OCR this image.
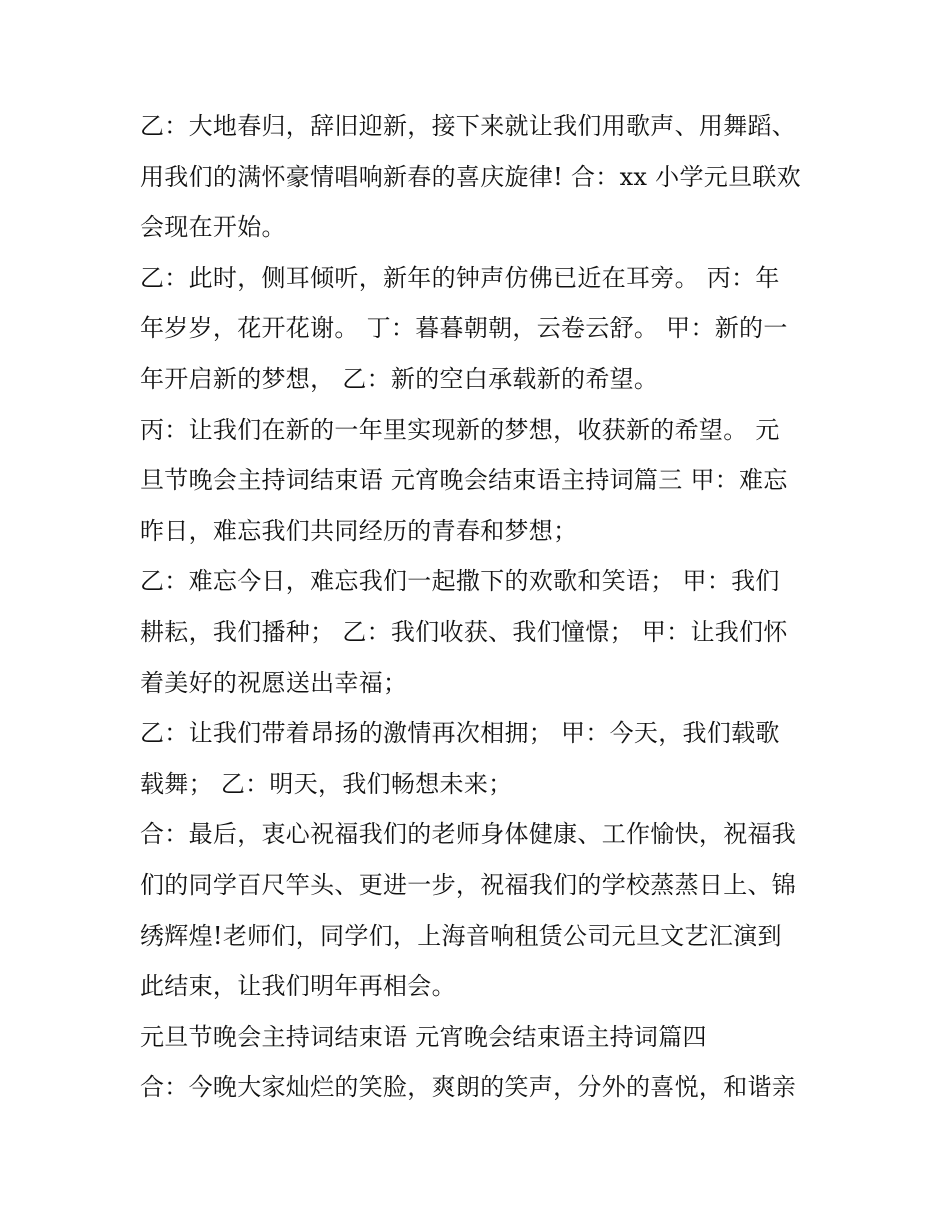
乙：大地春归，辞旧迎新，接下来就让我们用歌声、用舞蹈、
用我们的满怀豪情唱响新春的喜庆旋律! 合：xx 小学元旦联欢
会现在开始。
乙：此时，侧耳倾听，新年的钟声仿佛已近在耳旁。 丙：年
年岁岁，花开花谢。 丁：暮暮朝朝，云卷云舒。 甲：新的一
年开启新的梦想， 乙：新的空白承载新的希望。
丙：让我们在新的一年里实现新的梦想，收获新的希望。 元
旦节晚会主持词结束语 元宵晚会结束语主持词篇三 甲：难忘
昨日，难忘我们共同经历的青春和梦想；
乙：难忘今日，难忘我们一起撒下的欢歌和笑语； 甲：我们
耕耘，我们播种； 乙：我们收获、我们憧憬； 甲：让我们怀
着美好的祝愿送出幸福；
乙：让我们带着昂扬的激情再次相拥； 甲：今天，我们载歌
载舞； 乙：明天，我们畅想未来；
合：最后，衷心祝福我们的老师身体健康、工作愉快，祝福我
们的同学百尺竿头、更进一步，祝福我们的学校蒸蒸日上、锦
绣辉煌!老师们，同学们，上海音响租赁公司元旦文艺汇演到
此结束，让我们明年再相会。
元旦节晚会主持词结束语 元宵晚会结束语主持词篇四
合：今晚大家灿烂的笑脸，爽朗的笑声，分外的喜悦，和谐亲
